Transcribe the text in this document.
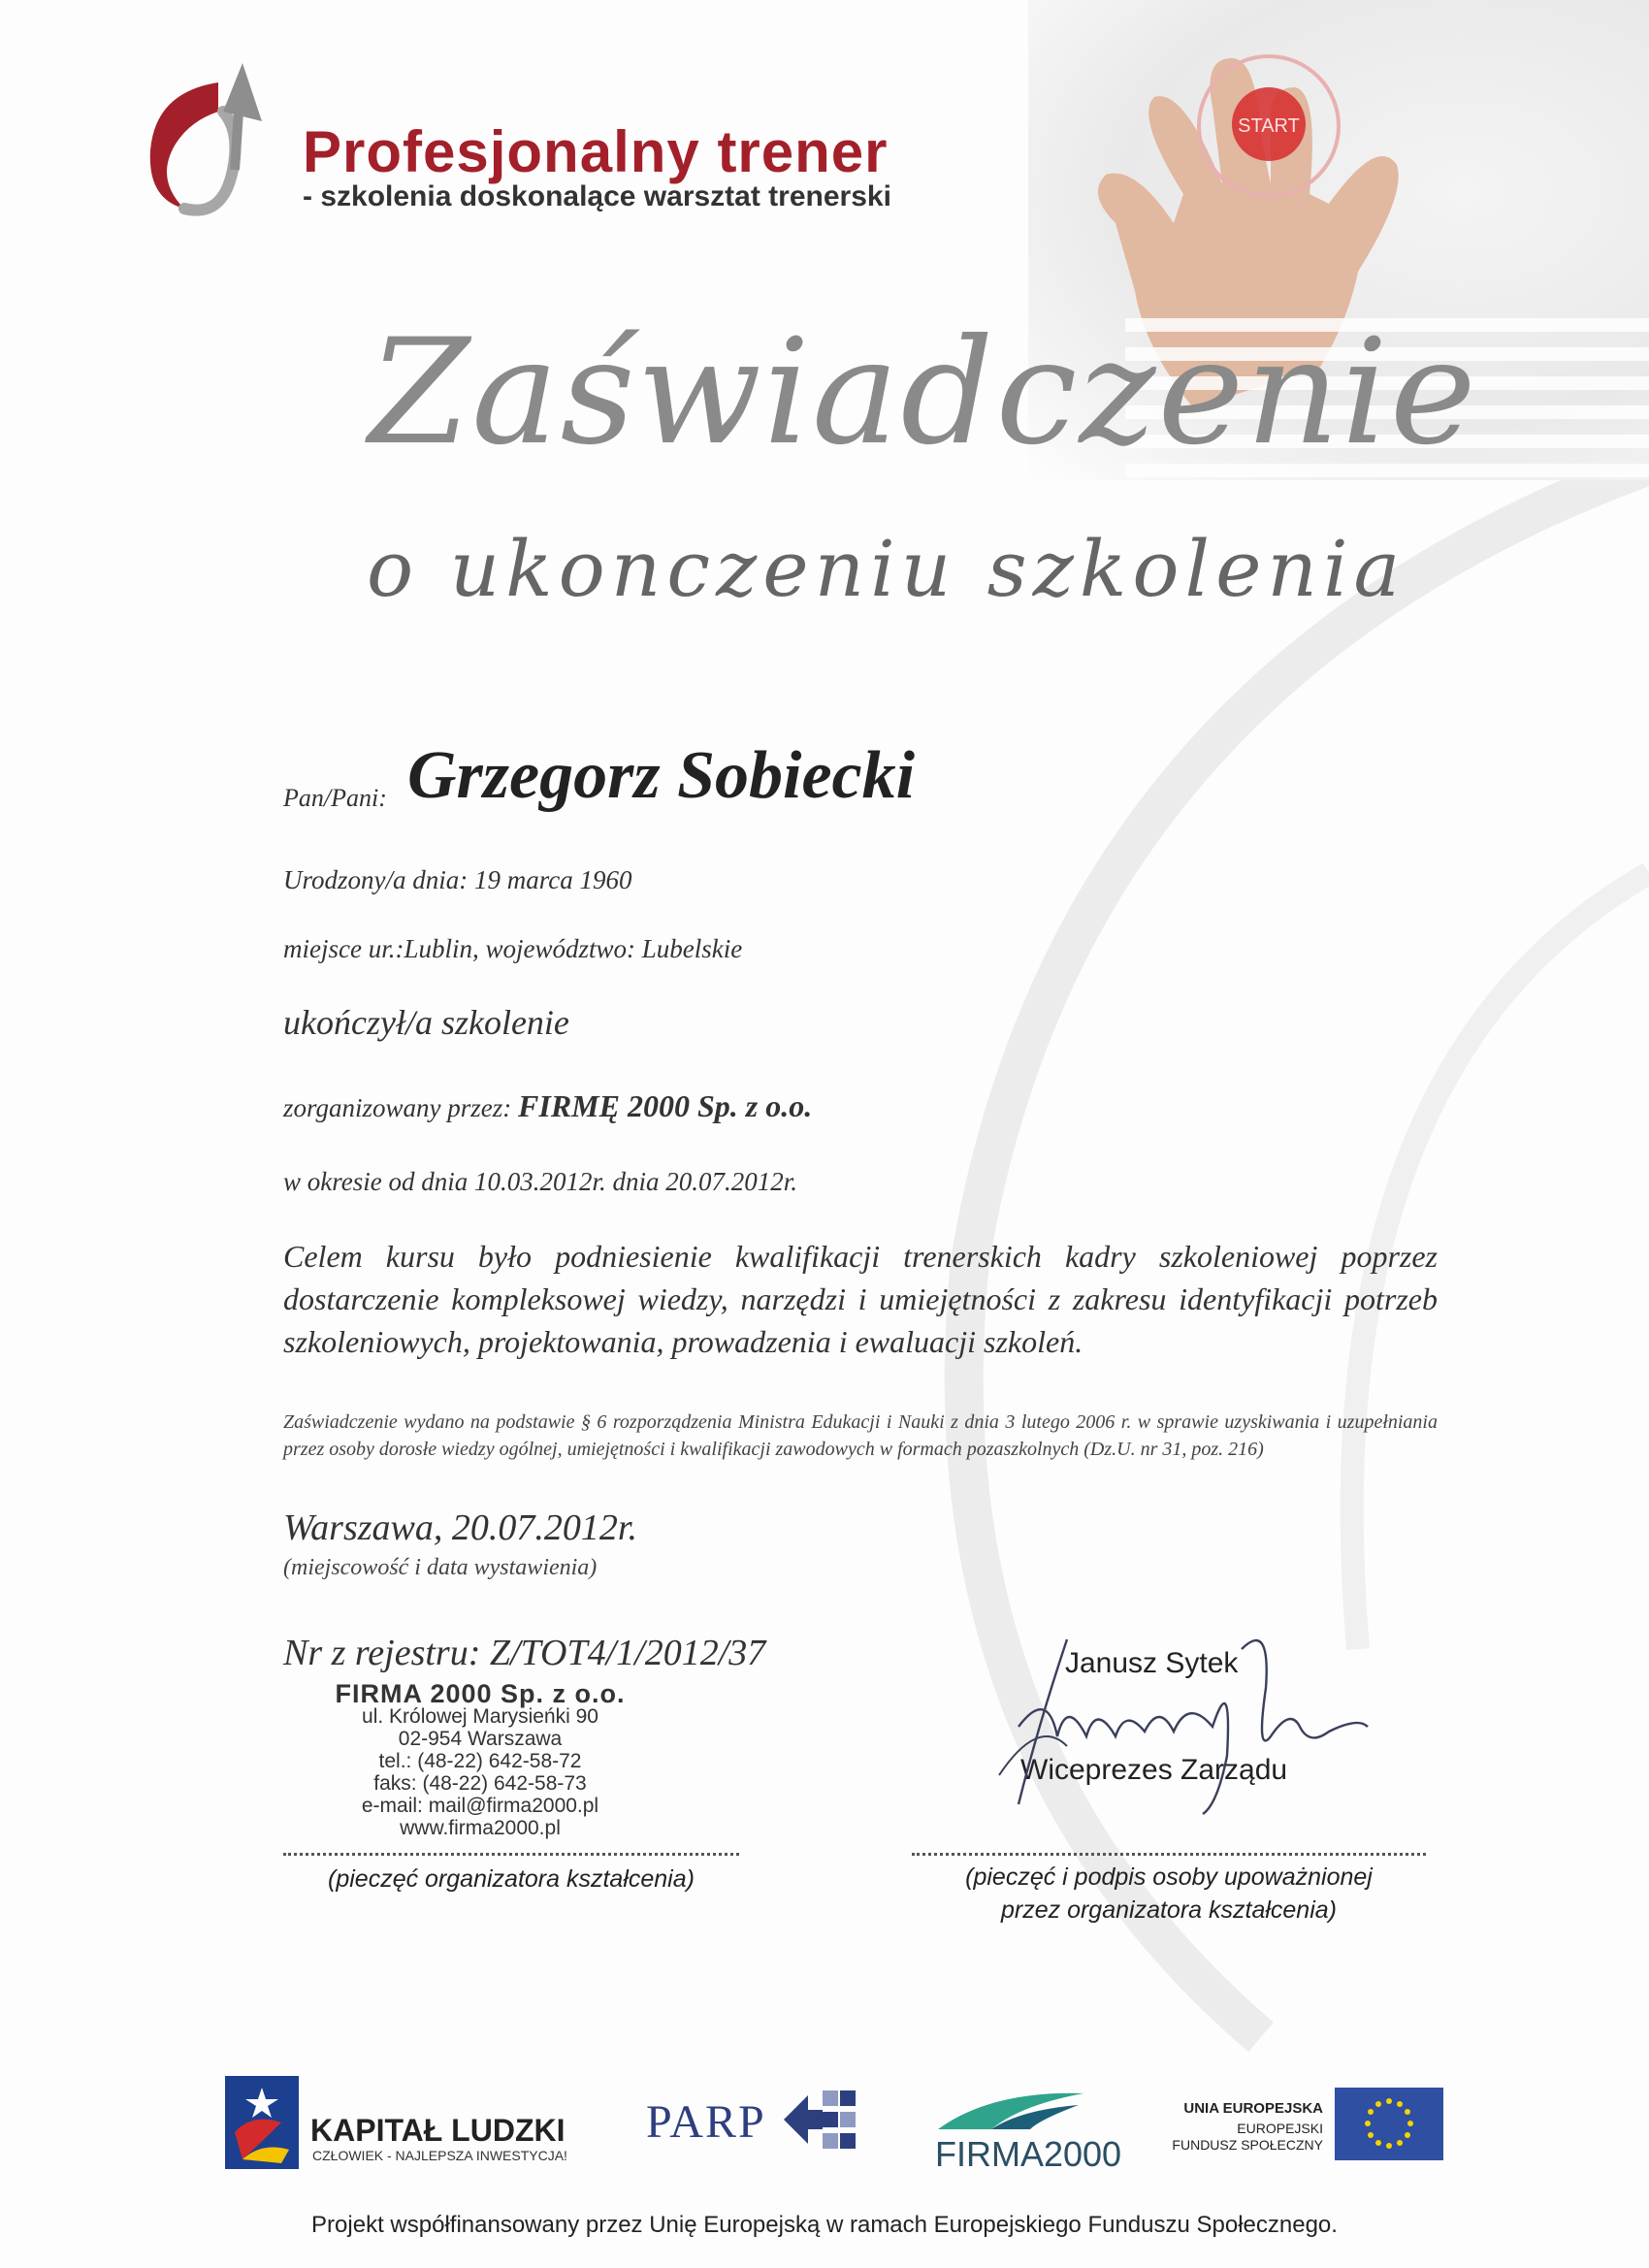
Profesjonalny trener
- szkolenia doskonalące warsztat trenerski
START
Zaświadczenie
o ukonczeniu szkolenia
Pan/Pani: Grzegorz Sobiecki
Urodzony/a dnia: 19 marca 1960
miejsce ur.:Lublin, województwo: Lubelskie
ukończył/a szkolenie
zorganizowany przez: FIRMĘ 2000 Sp. z o.o.
w okresie od dnia 10.03.2012r. dnia 20.07.2012r.
Celem kursu było podniesienie kwalifikacji trenerskich kadry szkoleniowej poprzez dostarczenie kompleksowej wiedzy, narzędzi i umiejętności z zakresu identyfikacji potrzeb szkoleniowych, projektowania, prowadzenia i ewaluacji szkoleń.
Zaświadczenie wydano na podstawie § 6 rozporządzenia Ministra Edukacji i Nauki z dnia 3 lutego 2006 r. w sprawie uzyskiwania i uzupełniania przez osoby dorosłe wiedzy ogólnej, umiejętności i kwalifikacji zawodowych w formach pozaszkolnych (Dz.U. nr 31, poz. 216)
Warszawa, 20.07.2012r.
(miejscowość i data wystawienia)
Nr z rejestru: Z/TOT4/1/2012/37
FIRMA 2000 Sp. z o.o.
ul. Królowej Marysieńki 90
02-954 Warszawa
tel.: (48-22) 642-58-72
faks: (48-22) 642-58-73
e-mail: mail@firma2000.pl
www.firma2000.pl
(pieczęć organizatora kształcenia)
Janusz Sytek
Wiceprezes Zarządu
(pieczęć i podpis osoby upoważnionej
przez organizatora kształcenia)
KAPITAŁ LUDZKI
CZŁOWIEK - NAJLEPSZA INWESTYCJA!
PARP
FIRMA2000
UNIA EUROPEJSKA
EUROPEJSKI
FUNDUSZ SPOŁECZNY
Projekt współfinansowany przez Unię Europejską w ramach Europejskiego Funduszu Społecznego.
